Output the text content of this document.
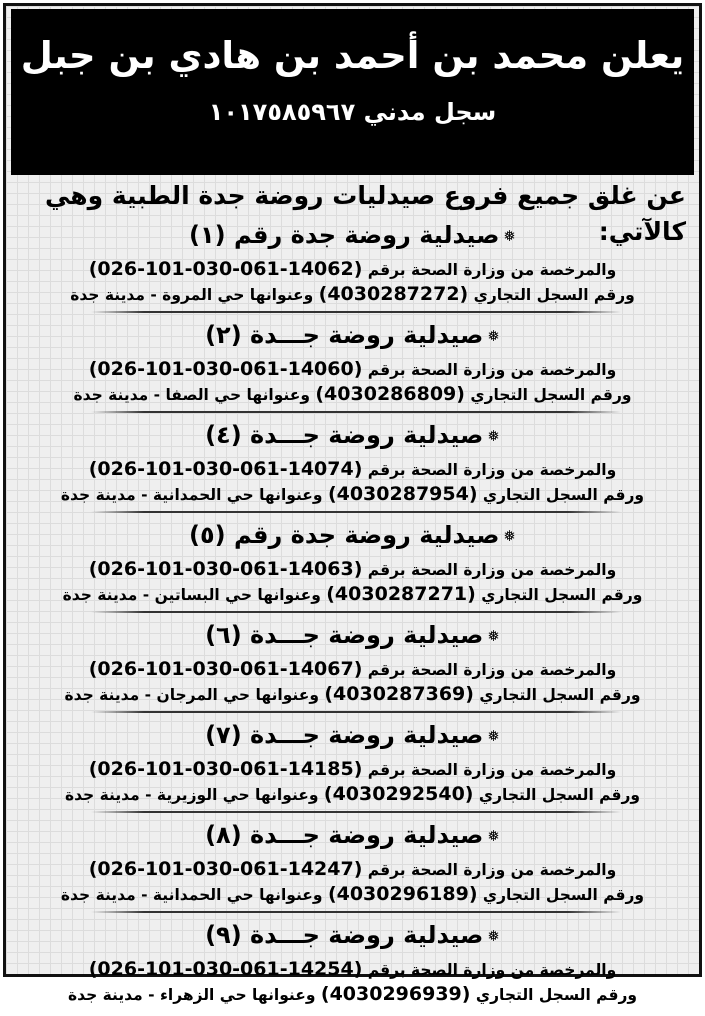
يعلن محمد بن أحمد بن هادي بن جبل
سجل مدني ١٠١٧٥٨٥٩٦٧
عن غلق جميع فروع صيدليات روضة جدة الطبية وهي كالآتي:
❅صيدلية روضة جدة رقم (١)
والمرخصة من وزارة الصحة برقم (026-101-030-061-14062)
ورقم السجل التجاري (4030287272) وعنوانها حي المروة - مدينة جدة
❅صيدلية روضة جـــدة (٢)
والمرخصة من وزارة الصحة برقم (026-101-030-061-14060)
ورقم السجل التجاري (4030286809) وعنوانها حي الصفا - مدينة جدة
❅صيدلية روضة جـــدة (٤)
والمرخصة من وزارة الصحة برقم (026-101-030-061-14074)
ورقم السجل التجاري (4030287954) وعنوانها حي الحمدانية - مدينة جدة
❅صيدلية روضة جدة رقم (٥)
والمرخصة من وزارة الصحة برقم (026-101-030-061-14063)
ورقم السجل التجاري (4030287271) وعنوانها حي البساتين - مدينة جدة
❅صيدلية روضة جـــدة (٦)
والمرخصة من وزارة الصحة برقم (026-101-030-061-14067)
ورقم السجل التجاري (4030287369) وعنوانها حي المرجان - مدينة جدة
❅صيدلية روضة جـــدة (٧)
والمرخصة من وزارة الصحة برقم (026-101-030-061-14185)
ورقم السجل التجاري (4030292540) وعنوانها حي الوزيرية - مدينة جدة
❅صيدلية روضة جـــدة (٨)
والمرخصة من وزارة الصحة برقم (026-101-030-061-14247)
ورقم السجل التجاري (4030296189) وعنوانها حي الحمدانية - مدينة جدة
❅صيدلية روضة جـــدة (٩)
والمرخصة من وزارة الصحة برقم (026-101-030-061-14254)
ورقم السجل التجاري (4030296939) وعنوانها حي الزهراء - مدينة جدة
